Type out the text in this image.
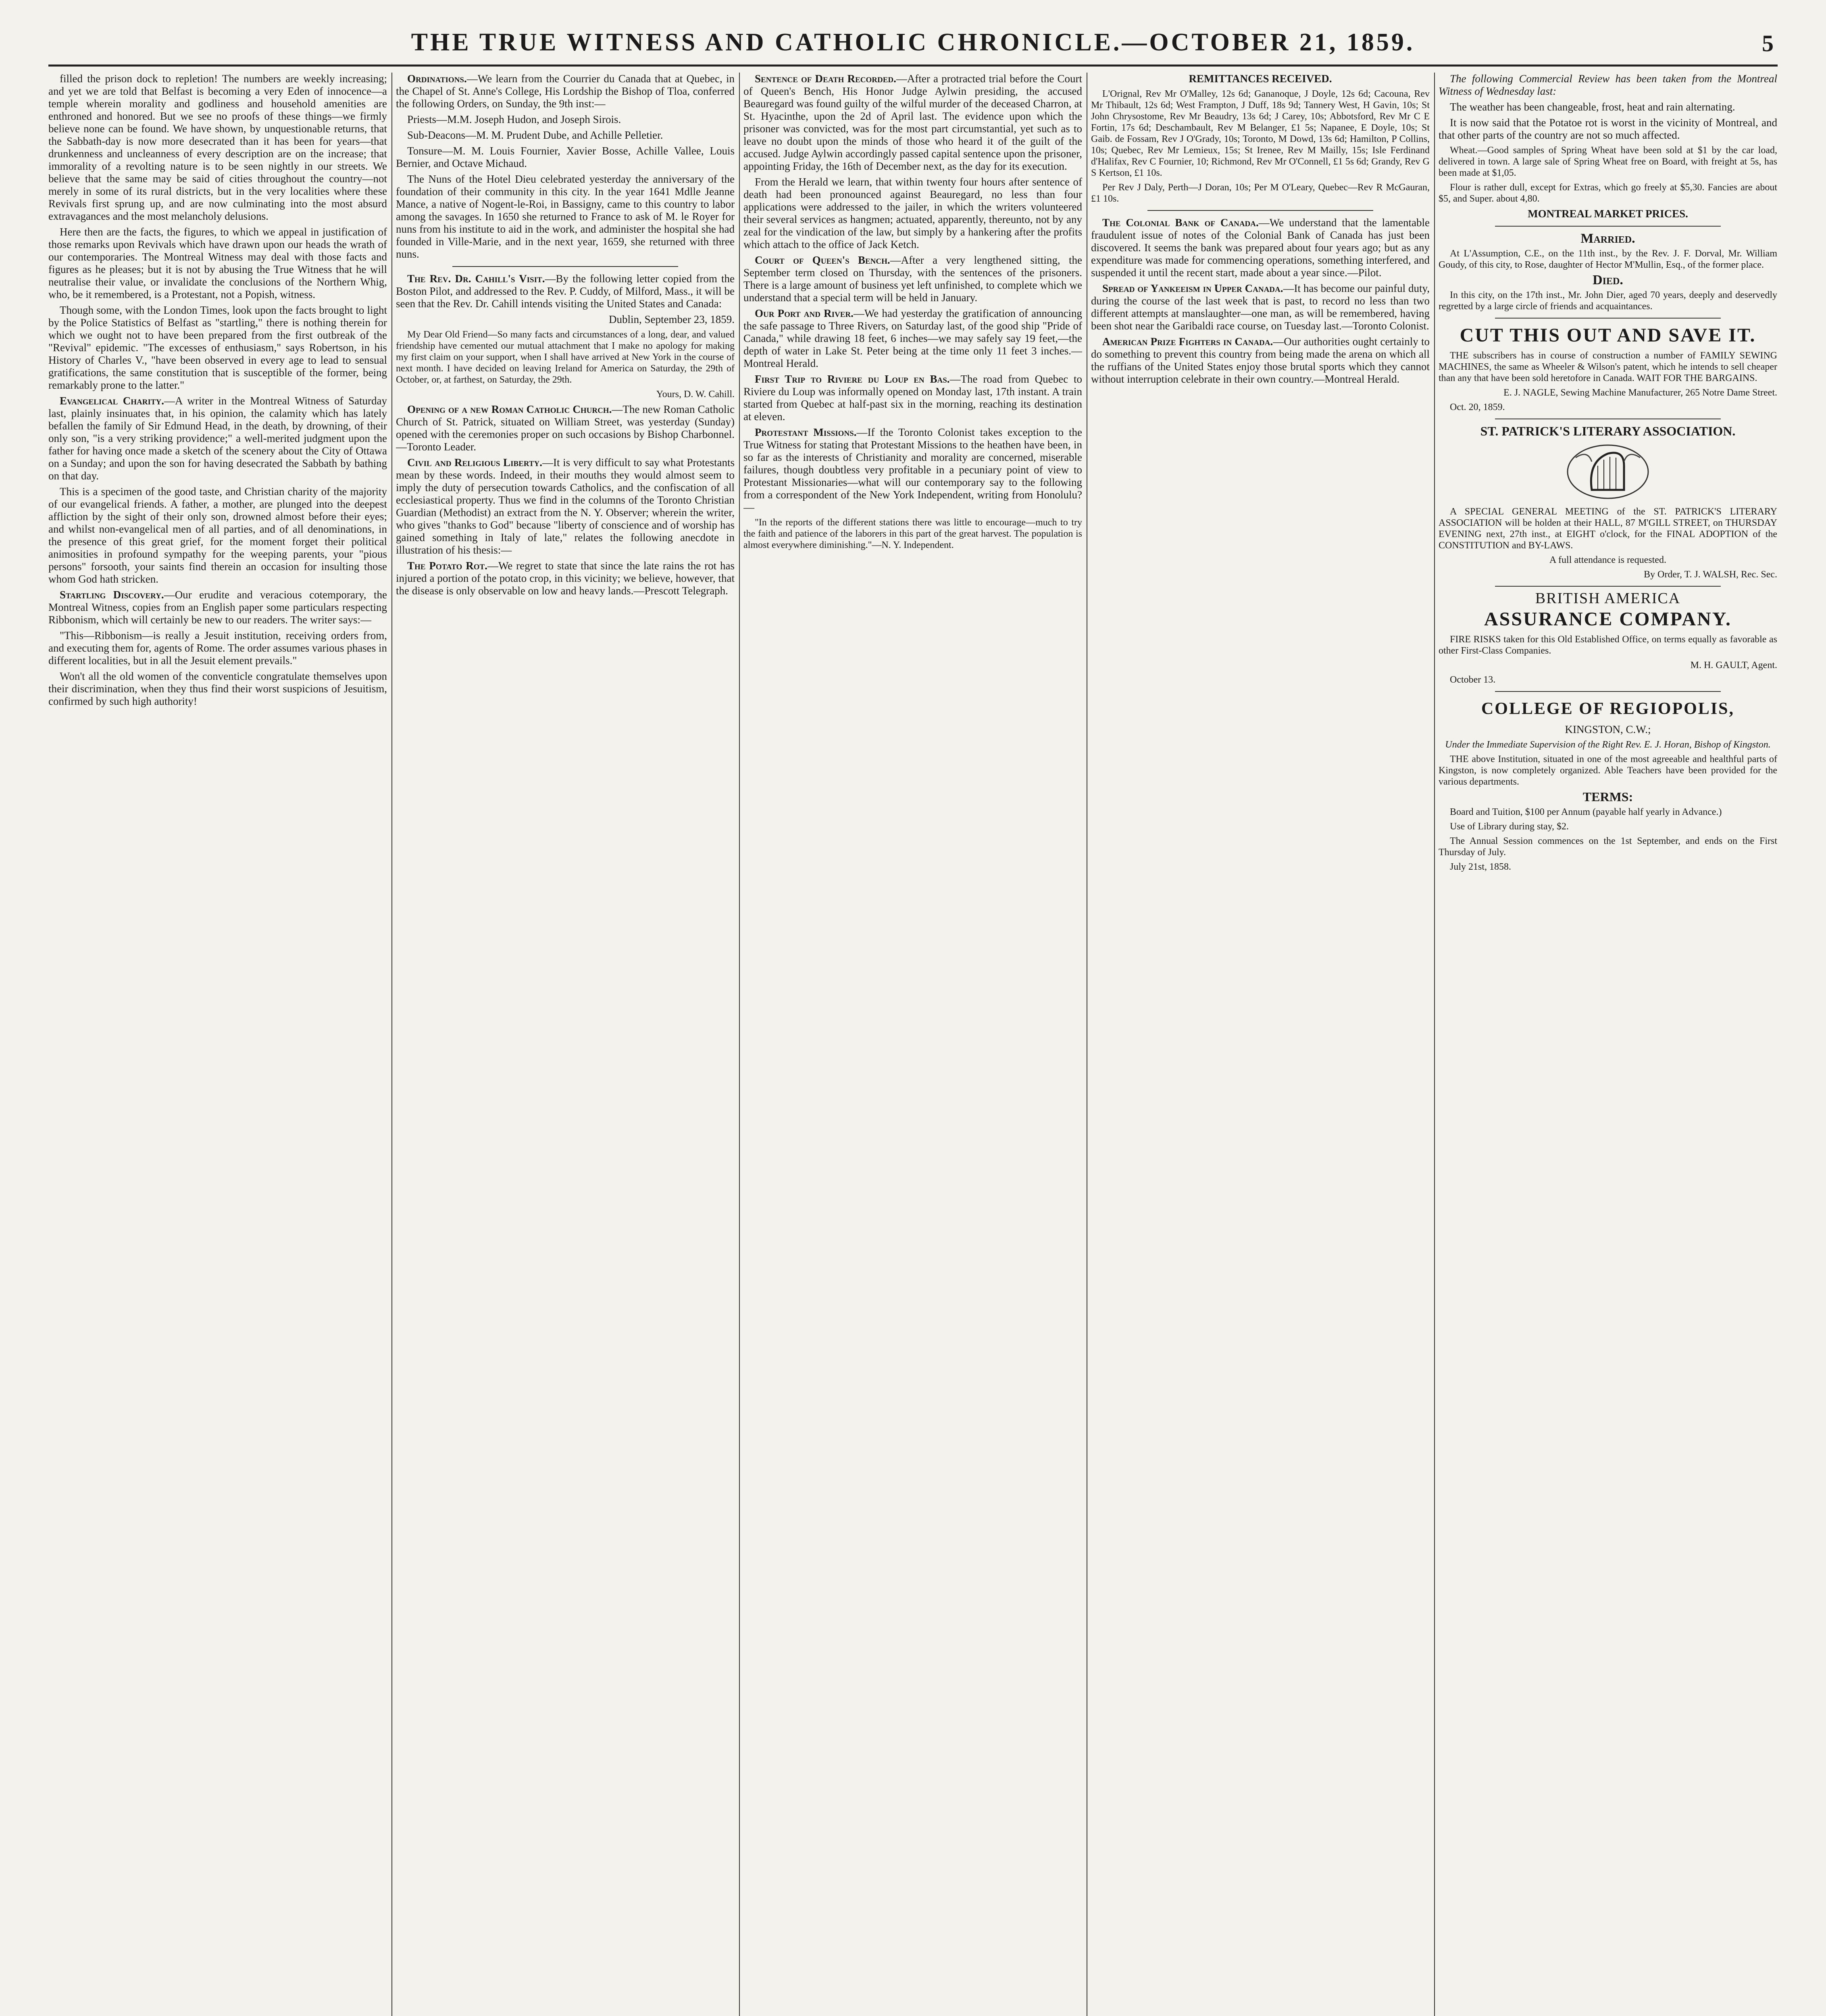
THE TRUE WITNESS AND CATHOLIC CHRONICLE.—OCTOBER 21, 1859.	5

filled the prison dock to repletion! The numbers are weekly increasing; and yet we are told that Belfast is becoming a very Eden of innocence—a temple wherein morality and godliness and household amenities are enthroned and honored. But we see no proofs of these things—we firmly believe none can be found. We have shown, by unquestionable returns, that the Sabbath-day is now more desecrated than it has been for years—that drunkenness and uncleanness of every description are on the increase; that immorality of a revolting nature is to be seen nightly in our streets. We believe that the same may be said of cities throughout the country—not merely in some of its rural districts, but in the very localities where these Revivals first sprung up, and are now culminating into the most absurd extravagances and the most melancholy delusions.

Here then are the facts, the figures, to which we appeal in justification of those remarks upon Revivals which have drawn upon our heads the wrath of our contemporaries. The Montreal Witness may deal with those facts and figures as he pleases; but it is not by abusing the True Witness that he will neutralise their value, or invalidate the conclusions of the Northern Whig, who, be it remembered, is a Protestant, not a Popish, witness.

Though some, with the London Times, look upon the facts brought to light by the Police Statistics of Belfast as "startling," there is nothing therein for which we ought not to have been prepared from the first outbreak of the "Revival" epidemic. "The excesses of enthusiasm," says Robertson, in his History of Charles V., "have been observed in every age to lead to sensual gratifications, the same constitution that is susceptible of the former, being remarkably prone to the latter."

Evangelical Charity.—A writer in the Montreal Witness of Saturday last, plainly insinuates that, in his opinion, the calamity which has lately befallen the family of Sir Edmund Head, in the death, by drowning, of their only son, "is a very striking providence;" a well-merited judgment upon the father for having once made a sketch of the scenery about the City of Ottawa on a Sunday; and upon the son for having desecrated the Sabbath by bathing on that day.

This is a specimen of the good taste, and Christian charity of the majority of our evangelical friends. A father, a mother, are plunged into the deepest affliction by the sight of their only son, drowned almost before their eyes; and whilst non-evangelical men of all parties, and of all denominations, in the presence of this great grief, for the moment forget their political animosities in profound sympathy for the weeping parents, your "pious persons" forsooth, your saints find therein an occasion for insulting those whom God hath stricken.

Startling Discovery.—Our erudite and veracious cotemporary, the Montreal Witness, copies from an English paper some particulars respecting Ribbonism, which will certainly be new to our readers. The writer says:—

"This—Ribbonism—is really a Jesuit institution, receiving orders from, and executing them for, agents of Rome. The order assumes various phases in different localities, but in all the Jesuit element prevails."

Won't all the old women of the conventicle congratulate themselves upon their discrimination, when they thus find their worst suspicions of Jesuitism, confirmed by such high authority!

Ordinations.—We learn from the Courrier du Canada that at Quebec, in the Chapel of St. Anne's College, His Lordship the Bishop of Tloa, conferred the following Orders, on Sunday, the 9th inst:—

Priests—M.M. Joseph Hudon, and Joseph Sirois.

Sub-Deacons—M. M. Prudent Dube, and Achille Pelletier.

Tonsure—M. M. Louis Fournier, Xavier Bosse, Achille Vallee, Louis Bernier, and Octave Michaud.

The Nuns of the Hotel Dieu celebrated yesterday the anniversary of the foundation of their community in this city. In the year 1641 Mdlle Jeanne Mance, a native of Nogent-le-Roi, in Bassigny, came to this country to labor among the savages. In 1650 she returned to France to ask of M. le Royer for nuns from his institute to aid in the work, and administer the hospital she had founded in Ville-Marie, and in the next year, 1659, she returned with three nuns.

The Rev. Dr. Cahill's Visit.—By the following letter copied from the Boston Pilot, and addressed to the Rev. P. Cuddy, of Milford, Mass., it will be seen that the Rev. Dr. Cahill intends visiting the United States and Canada:

Dublin, September 23, 1859.

My Dear Old Friend—So many facts and circumstances of a long, dear, and valued friendship have cemented our mutual attachment that I make no apology for making my first claim on your support, when I shall have arrived at New York in the course of next month. I have decided on leaving Ireland for America on Saturday, the 29th of October, or, at farthest, on Saturday, the 29th.

Yours, D. W. Cahill.

Opening of a new Roman Catholic Church.—The new Roman Catholic Church of St. Patrick, situated on William Street, was yesterday (Sunday) opened with the ceremonies proper on such occasions by Bishop Charbonnel.—Toronto Leader.

Civil and Religious Liberty.—It is very difficult to say what Protestants mean by these words. Indeed, in their mouths they would almost seem to imply the duty of persecution towards Catholics, and the confiscation of all ecclesiastical property. Thus we find in the columns of the Toronto Christian Guardian (Methodist) an extract from the N. Y. Observer; wherein the writer, who gives "thanks to God" because "liberty of conscience and of worship has gained something in Italy of late," relates the following anecdote in illustration of his thesis:—

The Potato Rot.—We regret to state that since the late rains the rot has injured a portion of the potato crop, in this vicinity; we believe, however, that the disease is only observable on low and heavy lands.—Prescott Telegraph.

Sentence of Death Recorded.—After a protracted trial before the Court of Queen's Bench, His Honor Judge Aylwin presiding, the accused Beauregard was found guilty of the wilful murder of the deceased Charron, at St. Hyacinthe, upon the 2d of April last. The evidence upon which the prisoner was convicted, was for the most part circumstantial, yet such as to leave no doubt upon the minds of those who heard it of the guilt of the accused. Judge Aylwin accordingly passed capital sentence upon the prisoner, appointing Friday, the 16th of December next, as the day for its execution.

From the Herald we learn, that within twenty four hours after sentence of death had been pronounced against Beauregard, no less than four applications were addressed to the jailer, in which the writers volunteered their several services as hangmen; actuated, apparently, thereunto, not by any zeal for the vindication of the law, but simply by a hankering after the profits which attach to the office of Jack Ketch.

Court of Queen's Bench.—After a very lengthened sitting, the September term closed on Thursday, with the sentences of the prisoners. There is a large amount of business yet left unfinished, to complete which we understand that a special term will be held in January.

Our Port and River.—We had yesterday the gratification of announcing the safe passage to Three Rivers, on Saturday last, of the good ship "Pride of Canada," while drawing 18 feet, 6 inches—we may safely say 19 feet,—the depth of water in Lake St. Peter being at the time only 11 feet 3 inches.—Montreal Herald.

First Trip to Riviere du Loup en Bas.—The road from Quebec to Riviere du Loup was informally opened on Monday last, 17th instant. A train started from Quebec at half-past six in the morning, reaching its destination at eleven.

Protestant Missions.—If the Toronto Colonist takes exception to the True Witness for stating that Protestant Missions to the heathen have been, in so far as the interests of Christianity and morality are concerned, miserable failures, though doubtless very profitable in a pecuniary point of view to Protestant Missionaries—what will our contemporary say to the following from a correspondent of the New York Independent, writing from Honolulu?—

"In the reports of the different stations there was little to encourage—much to try the faith and patience of the laborers in this part of the great harvest. The population is almost everywhere diminishing."—N. Y. Independent.

REMITTANCES RECEIVED.

L'Orignal, Rev Mr O'Malley, 12s 6d; Gananoque, J Doyle, 12s 6d; Cacouna, Rev Mr Thibault, 12s 6d; West Frampton, J Duff, 18s 9d; Tannery West, H Gavin, 10s; St John Chrysostome, Rev Mr Beaudry, 13s 6d; J Carey, 10s; Abbotsford, Rev Mr C E Fortin, 17s 6d; Deschambault, Rev M Belanger, £1 5s; Napanee, E Doyle, 10s; St Gaib. de Fossam, Rev J O'Grady, 10s; Toronto, M Dowd, 13s 6d; Hamilton, P Collins, 10s; Quebec, Rev Mr Lemieux, 15s; St Irenee, Rev M Mailly, 15s; Isle Ferdinand d'Halifax, Rev C Fournier, 10; Richmond, Rev Mr O'Connell, £1 5s 6d; Grandy, Rev G S Kertson, £1 10s.

Per Rev J Daly, Perth—J Doran, 10s; Per M O'Leary, Quebec—Rev R McGauran, £1 10s.

The Colonial Bank of Canada.—We understand that the lamentable fraudulent issue of notes of the Colonial Bank of Canada has just been discovered. It seems the bank was prepared about four years ago; but as any expenditure was made for commencing operations, something interfered, and suspended it until the recent start, made about a year since.—Pilot.

Spread of Yankeeism in Upper Canada.—It has become our painful duty, during the course of the last week that is past, to record no less than two different attempts at manslaughter—one man, as will be remembered, having been shot near the Garibaldi race course, on Tuesday last.—Toronto Colonist.

American Prize Fighters in Canada.—Our authorities ought certainly to do something to prevent this country from being made the arena on which all the ruffians of the United States enjoy those brutal sports which they cannot without interruption celebrate in their own country.—Montreal Herald.

The following Commercial Review has been taken from the Montreal Witness of Wednesday last:

The weather has been changeable, frost, heat and rain alternating.

It is now said that the Potatoe rot is worst in the vicinity of Montreal, and that other parts of the country are not so much affected.

Wheat.—Good samples of Spring Wheat have been sold at $1 by the car load, delivered in town. A large sale of Spring Wheat free on Board, with freight at 5s, has been made at $1,05.

Flour is rather dull, except for Extras, which go freely at $5,30. Fancies are about $5, and Super. about 4,80.

MONTREAL MARKET PRICES.

Married.

At L'Assumption, C.E., on the 11th inst., by the Rev. J. F. Dorval, Mr. William Goudy, of this city, to Rose, daughter of Hector M'Mullin, Esq., of the former place.

Died.

In this city, on the 17th inst., Mr. John Dier, aged 70 years, deeply and deservedly regretted by a large circle of friends and acquaintances.

CUT THIS OUT AND SAVE IT.

THE subscribers has in course of construction a number of FAMILY SEWING MACHINES, the same as Wheeler & Wilson's patent, which he intends to sell cheaper than any that have been sold heretofore in Canada. WAIT FOR THE BARGAINS.

E. J. NAGLE, Sewing Machine Manufacturer, 265 Notre Dame Street.

Oct. 20, 1859.

ST. PATRICK'S LITERARY ASSOCIATION.

A SPECIAL GENERAL MEETING of the ST. PATRICK'S LITERARY ASSOCIATION will be holden at their HALL, 87 M'GILL STREET, on THURSDAY EVENING next, 27th inst., at EIGHT o'clock, for the FINAL ADOPTION of the CONSTITUTION and BY-LAWS.

A full attendance is requested.

By Order, T. J. WALSH, Rec. Sec.

BRITISH AMERICA

ASSURANCE COMPANY.

FIRE RISKS taken for this Old Established Office, on terms equally as favorable as other First-Class Companies.

M. H. GAULT, Agent.

October 13.

COLLEGE OF REGIOPOLIS,

KINGSTON, C.W.;

Under the Immediate Supervision of the Right Rev. E. J. Horan, Bishop of Kingston.

THE above Institution, situated in one of the most agreeable and healthful parts of Kingston, is now completely organized. Able Teachers have been provided for the various departments.

TERMS:

Board and Tuition, $100 per Annum (payable half yearly in Advance.)

Use of Library during stay, $2.

The Annual Session commences on the 1st September, and ends on the First Thursday of July.

July 21st, 1858.
